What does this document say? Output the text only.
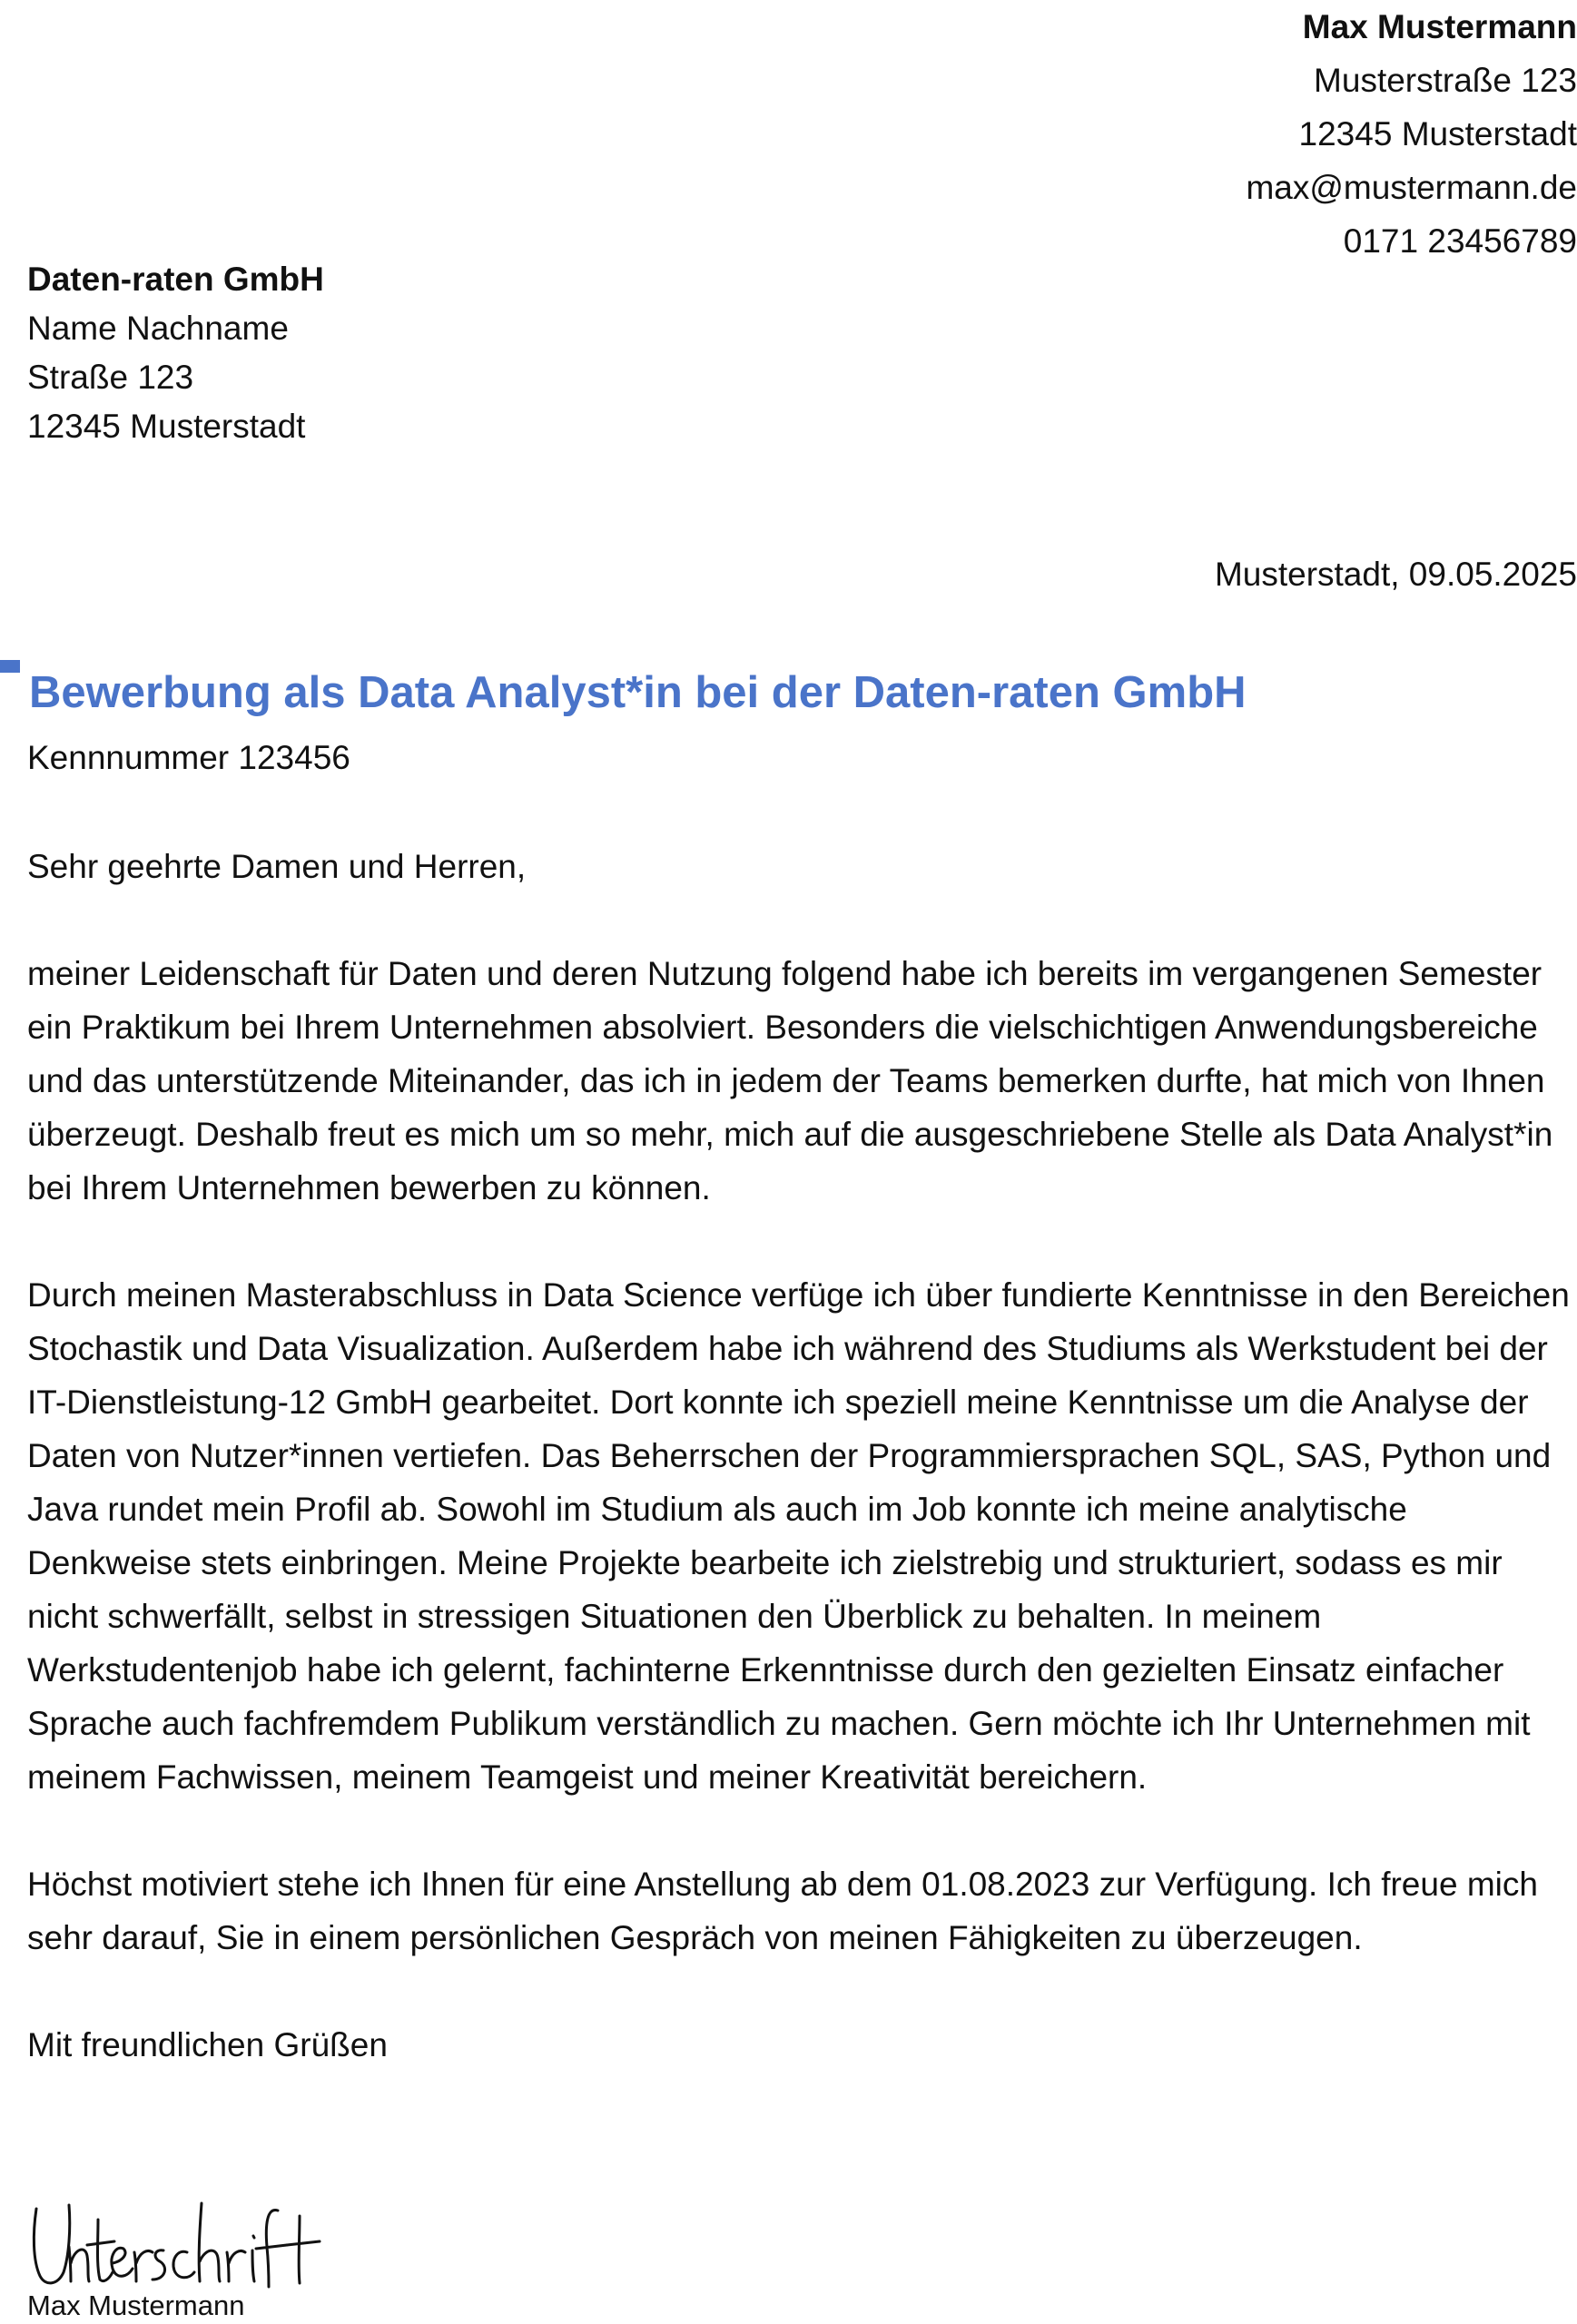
Max Mustermann
Musterstraße 123
12345 Musterstadt
max@mustermann.de
0171 23456789
Daten-raten GmbH
Name Nachname
Straße 123
12345 Musterstadt
Musterstadt, 09.05.2025
Bewerbung als Data Analyst*in bei der Daten-raten GmbH
Kennnummer 123456

Sehr geehrte Damen und Herren,

meiner Leidenschaft für Daten und deren Nutzung folgend habe ich bereits im vergangenen Semester ein Praktikum bei Ihrem Unternehmen absolviert. Besonders die vielschichtigen Anwendungsbereiche und das unterstützende Miteinander, das ich in jedem der Teams bemerken durfte, hat mich von Ihnen überzeugt. Deshalb freut es mich um so mehr, mich auf die ausgeschriebene Stelle als Data Analyst*in bei Ihrem Unternehmen bewerben zu können.

Durch meinen Masterabschluss in Data Science verfüge ich über fundierte Kenntnisse in den Bereichen Stochastik und Data Visualization. Außerdem habe ich während des Studiums als Werkstudent bei der IT-Dienstleistung-12 GmbH gearbeitet. Dort konnte ich speziell meine Kenntnisse um die Analyse der Daten von Nutzer*innen vertiefen. Das Beherrschen der Programmiersprachen SQL, SAS, Python und Java rundet mein Profil ab. Sowohl im Studium als auch im Job konnte ich meine analytische Denkweise stets einbringen. Meine Projekte bearbeite ich zielstrebig und strukturiert, sodass es mir nicht schwerfällt, selbst in stressigen Situationen den Überblick zu behalten. In meinem Werkstudentenjob habe ich gelernt, fachinterne Erkenntnisse durch den gezielten Einsatz einfacher Sprache auch fachfremdem Publikum verständlich zu machen. Gern möchte ich Ihr Unternehmen mit meinem Fachwissen, meinem Teamgeist und meiner Kreativität bereichern.

Höchst motiviert stehe ich Ihnen für eine Anstellung ab dem 01.08.2023 zur Verfügung. Ich freue mich sehr darauf, Sie in einem persönlichen Gespräch von meinen Fähigkeiten zu überzeugen.

Mit freundlichen Grüßen

Max Mustermann
